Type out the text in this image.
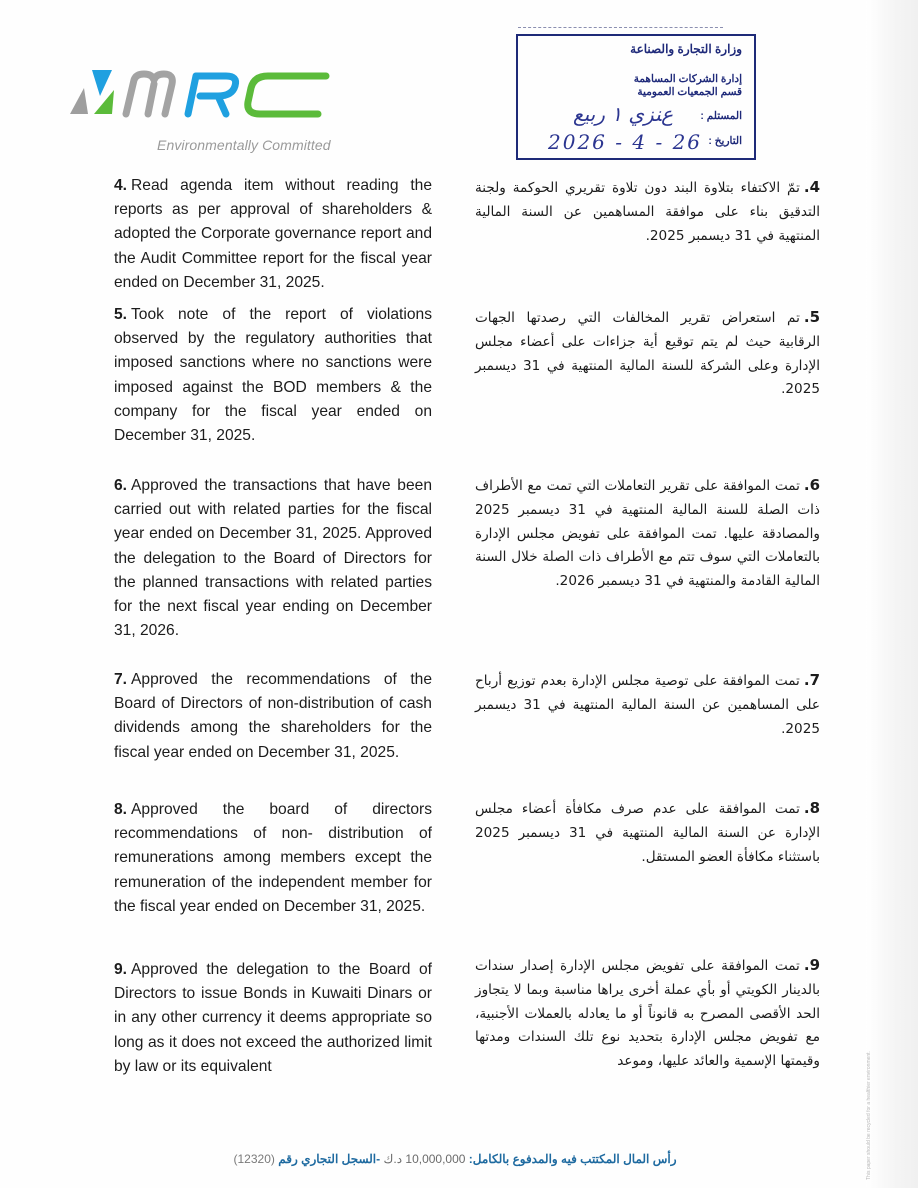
This paper should be recycled for a healthier environment.
Environmentally Committed
وزارة التجارة والصناعة
إدارة الشركات المساهمة
قسم الجمعيات العمومية
المستلم :
ﻉﻨﺰﻱ ١ ﺭﺑﻴﻊ
التاريخ :
2026 - 4 - 26
4. Read agenda item without reading the reports as per approval of shareholders & adopted the Corporate governance report and the Audit Committee report for the fiscal year ended on December 31, 2025.
4.تمّ الاكتفاء بتلاوة البند دون تلاوة تقريري الحوكمة ولجنة التدقيق بناء على موافقة المساهمين عن السنة المالية المنتهية في 31 ديسمبر 2025.
5. Took note of the report of violations observed by the regulatory authorities that imposed sanctions where no sanctions were imposed against the BOD members & the company for the fiscal year ended on December 31, 2025.
5.تم استعراض تقرير المخالفات التي رصدتها الجهات الرقابية حيث لم يتم توقيع أية جزاءات على أعضاء مجلس الإدارة وعلى الشركة للسنة المالية المنتهية في 31 ديسمبر 2025.
6. Approved the transactions that have been carried out with related parties for the fiscal year ended on December 31, 2025. Approved the delegation to the Board of Directors for the planned transactions with related parties for the next fiscal year ending on December 31, 2026.
6.تمت الموافقة على تقرير التعاملات التي تمت مع الأطراف ذات الصلة للسنة المالية المنتهية في 31 ديسمبر 2025 والمصادقة عليها. تمت الموافقة على تفويض مجلس الإدارة بالتعاملات التي سوف تتم مع الأطراف ذات الصلة خلال السنة المالية القادمة والمنتهية في 31 ديسمبر 2026.
7. Approved the recommendations of the Board of Directors of non-distribution of cash dividends among the shareholders for the fiscal year ended on December 31, 2025.
7.تمت الموافقة على توصية مجلس الإدارة بعدم توزيع أرباح على المساهمين عن السنة المالية المنتهية في 31 ديسمبر 2025.
8. Approved the board of directors recommendations of non- distribution of remunerations among members except the remuneration of the independent member for the fiscal year ended on December 31, 2025.
8.تمت الموافقة على عدم صرف مكافأة أعضاء مجلس الإدارة عن السنة المالية المنتهية في 31 ديسمبر 2025 باستثناء مكافأة العضو المستقل.
9. Approved the delegation to the Board of Directors to issue Bonds in Kuwaiti Dinars or in any other currency it deems appropriate so long as it does not exceed the authorized limit by law or its equivalent
9.تمت الموافقة على تفويض مجلس الإدارة إصدار سندات بالدينار الكويتي أو بأي عملة أخرى يراها مناسبة وبما لا يتجاوز الحد الأقصى المصرح به قانوناً أو ما يعادله بالعملات الأجنبية، مع تفويض مجلس الإدارة بتحديد نوع تلك السندات ومدتها وقيمتها الإسمية والعائد عليها، وموعد
رأس المال المكتتب فيه والمدفوع بالكامل: 10,000,000 د.ك -السجل التجاري رقم (12320)
